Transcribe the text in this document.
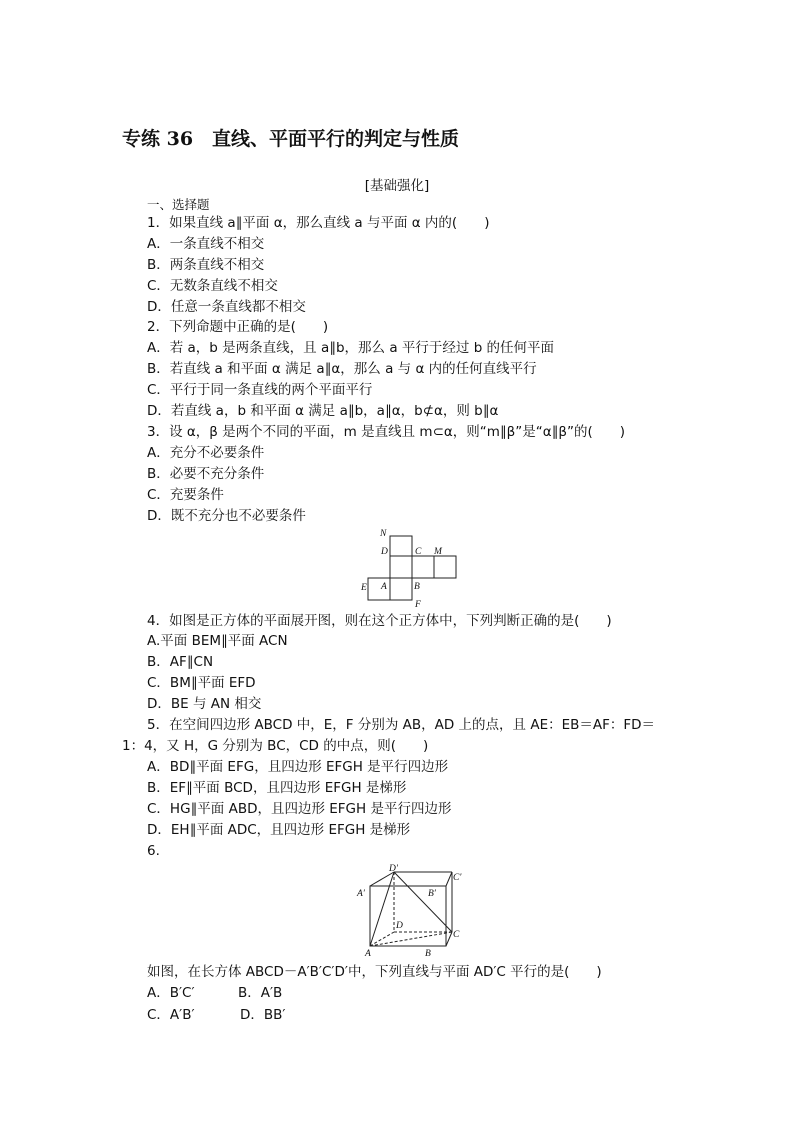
专练 36　直线、平面平行的判定与性质
[基础强化]
一、选择题
1．如果直线 a∥平面 α，那么直线 a 与平面 α 内的(　　)
A．一条直线不相交
B．两条直线不相交
C．无数条直线不相交
D．任意一条直线都不相交
2．下列命题中正确的是(　　)
A．若 a，b 是两条直线，且 a∥b，那么 a 平行于经过 b 的任何平面
B．若直线 a 和平面 α 满足 a∥α，那么 a 与 α 内的任何直线平行
C．平行于同一条直线的两个平面平行
D．若直线 a，b 和平面 α 满足 a∥b，a∥α，b⊄α，则 b∥α
3．设 α，β 是两个不同的平面，m 是直线且 m⊂α，则“m∥β”是“α∥β”的(　　)
A．充分不必要条件
B．必要不充分条件
C．充要条件
D．既不充分也不必要条件
N
D	C M
E A	B
F
4．如图是正方体的平面展开图，则在这个正方体中，下列判断正确的是(　　)
A.平面 BEM∥平面 ACN
B．AF∥CN
C．BM∥平面 EFD
D．BE 与 AN 相交
5．在空间四边形 ABCD 中，E，F 分别为 AB，AD 上的点，且 AE：EB＝AF：FD＝
1：4，又 H，G 分别为 BC，CD 的中点，则(　　)
A．BD∥平面 EFG，且四边形 EFGH 是平行四边形
B．EF∥平面 BCD，且四边形 EFGH 是梯形
C．HG∥平面 ABD，且四边形 EFGH 是平行四边形
D．EH∥平面 ADC，且四边形 EFGH 是梯形
6.
D′
C′
A′	B′
D
C
A	B
如图，在长方体 ABCD－A′B′C′D′中，下列直线与平面 AD′C 平行的是(　　)
A．B′C′	B．A′B
C．A′B′	D．BB′
